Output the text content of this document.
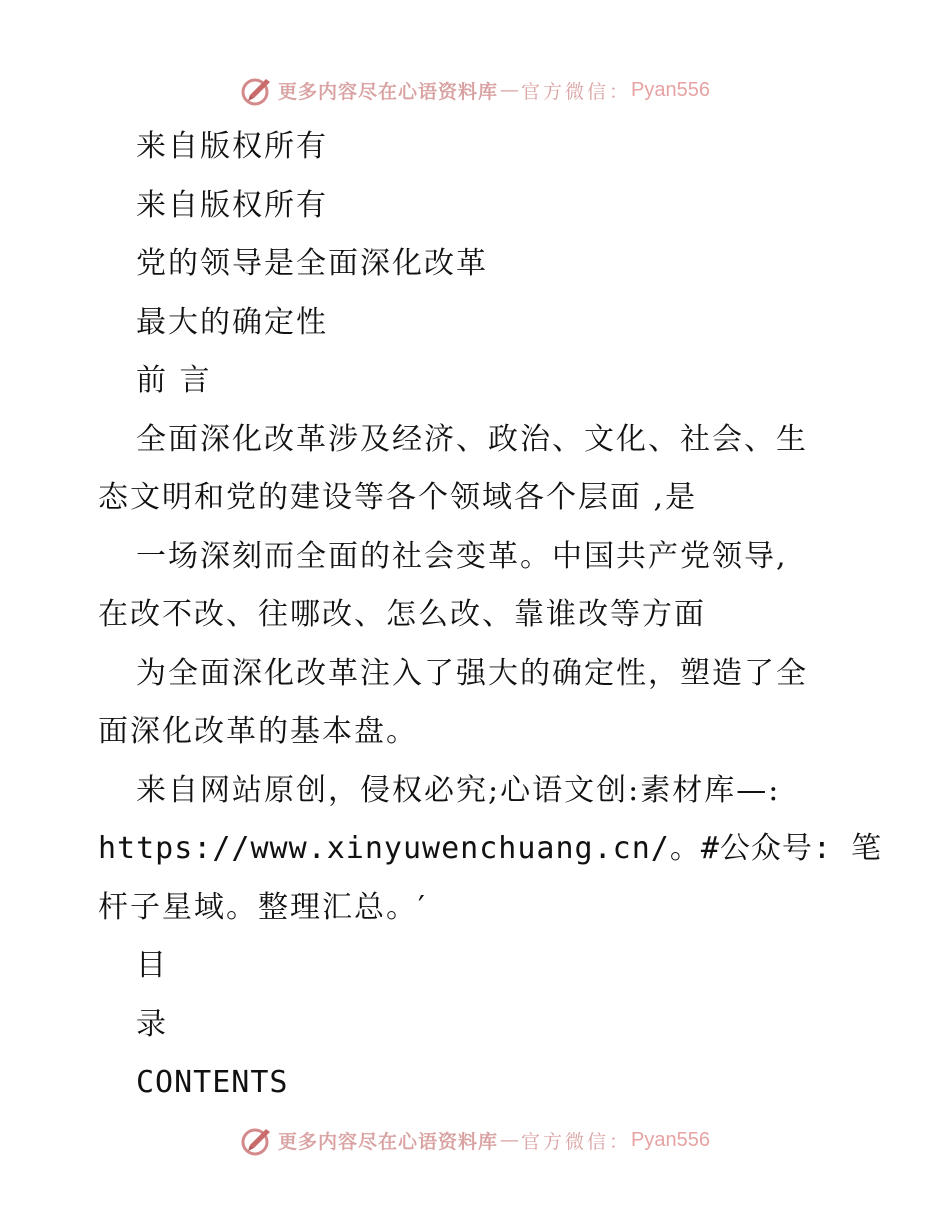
更多内容尽在心语资料库 — 官方微信： Pyan556
来自版权所有
来自版权所有
党的领导是全面深化改革
最大的确定性
前 言
全面深化改革涉及经济、政治、文化、社会、生
态文明和党的建设等各个领域各个层面 ,是
一场深刻而全面的社会变革。中国共产党领导,
在改不改、往哪改、怎么改、靠谁改等方面
为全面深化改革注入了强大的确定性，塑造了全
面深化改革的基本盘。
来自网站原创，侵权必究;心语文创:素材库—:
https://www.xinyuwenchuang.cn/。#公众号: 笔
杆子星域。整理汇总。′
目
录
CONTENTS
更多内容尽在心语资料库 — 官方微信： Pyan556
